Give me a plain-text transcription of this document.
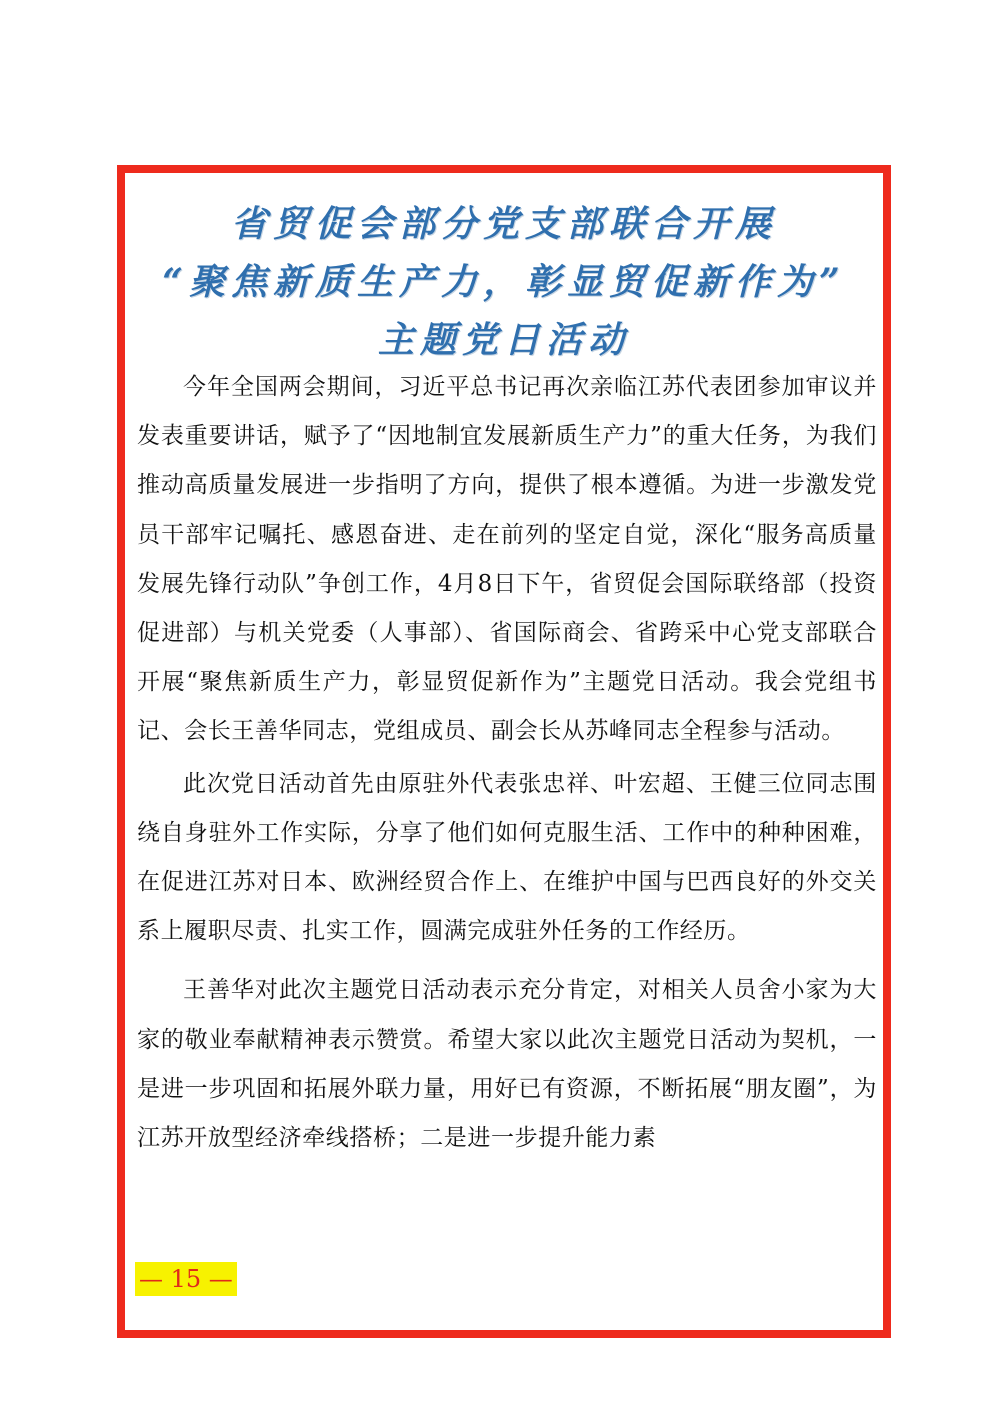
省贸促会部分党支部联合开展
“聚焦新质生产力，彰显贸促新作为”
主题党日活动

今年全国两会期间，习近平总书记再次亲临江苏代表团参加审议并发表重要讲话，赋予了“因地制宜发展新质生产力”的重大任务，为我们推动高质量发展进一步指明了方向，提供了根本遵循。为进一步激发党员干部牢记嘱托、感恩奋进、走在前列的坚定自觉，深化“服务高质量发展先锋行动队”争创工作，4月8日下午，省贸促会国际联络部（投资促进部）与机关党委（人事部）、省国际商会、省跨采中心党支部联合开展“聚焦新质生产力，彰显贸促新作为”主题党日活动。我会党组书记、会长王善华同志，党组成员、副会长从苏峰同志全程参与活动。

此次党日活动首先由原驻外代表张忠祥、叶宏超、王健三位同志围绕自身驻外工作实际，分享了他们如何克服生活、工作中的种种困难，在促进江苏对日本、欧洲经贸合作上、在维护中国与巴西良好的外交关系上履职尽责、扎实工作，圆满完成驻外任务的工作经历。

王善华对此次主题党日活动表示充分肯定，对相关人员舍小家为大家的敬业奉献精神表示赞赏。希望大家以此次主题党日活动为契机，一是进一步巩固和拓展外联力量，用好已有资源，不断拓展“朋友圈”，为江苏开放型经济牵线搭桥；二是进一步提升能力素

— 15 —
